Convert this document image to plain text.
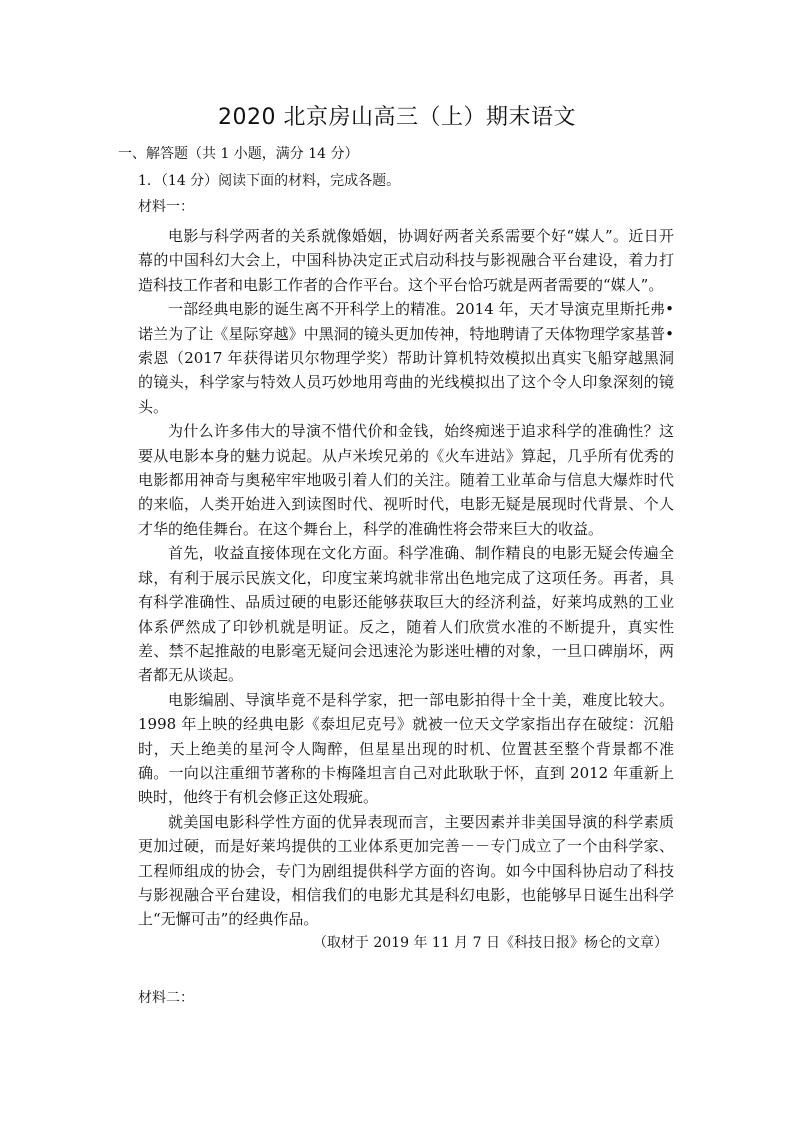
2020 北京房山高三（上）期末语文
一、解答题（共 1 小题，满分 14 分）
1．（14 分）阅读下面的材料，完成各题。
材料一：

电影与科学两者的关系就像婚姻，协调好两者关系需要个好“媒人”。近日开幕的中国科幻大会上，中国科协决定正式启动科技与影视融合平台建设，着力打造科技工作者和电影工作者的合作平台。这个平台恰巧就是两者需要的“媒人”。

一部经典电影的诞生离不开科学上的精准。2014 年，天才导演克里斯托弗•诺兰为了让《星际穿越》中黑洞的镜头更加传神，特地聘请了天体物理学家基普•索恩（2017 年获得诺贝尔物理学奖）帮助计算机特效模拟出真实飞船穿越黑洞的镜头，科学家与特效人员巧妙地用弯曲的光线模拟出了这个令人印象深刻的镜头。

为什么许多伟大的导演不惜代价和金钱，始终痴迷于追求科学的准确性？这要从电影本身的魅力说起。从卢米埃兄弟的《火车进站》算起，几乎所有优秀的电影都用神奇与奥秘牢牢地吸引着人们的关注。随着工业革命与信息大爆炸时代的来临，人类开始进入到读图时代、视听时代，电影无疑是展现时代背景、个人才华的绝佳舞台。在这个舞台上，科学的准确性将会带来巨大的收益。

首先，收益直接体现在文化方面。科学准确、制作精良的电影无疑会传遍全球，有利于展示民族文化，印度宝莱坞就非常出色地完成了这项任务。再者，具有科学准确性、品质过硬的电影还能够获取巨大的经济利益，好莱坞成熟的工业体系俨然成了印钞机就是明证。反之，随着人们欣赏水准的不断提升，真实性差、禁不起推敲的电影毫无疑问会迅速沦为影迷吐槽的对象，一旦口碑崩坏，两者都无从谈起。

电影编剧、导演毕竟不是科学家，把一部电影拍得十全十美，难度比较大。1998 年上映的经典电影《泰坦尼克号》就被一位天文学家指出存在破绽：沉船时，天上绝美的星河令人陶醉，但星星出现的时机、位置甚至整个背景都不准确。一向以注重细节著称的卡梅隆坦言自己对此耿耿于怀，直到 2012 年重新上映时，他终于有机会修正这处瑕疵。

就美国电影科学性方面的优异表现而言，主要因素并非美国导演的科学素质更加过硬，而是好莱坞提供的工业体系更加完善－－专门成立了一个由科学家、工程师组成的协会，专门为剧组提供科学方面的咨询。如今中国科协启动了科技与影视融合平台建设，相信我们的电影尤其是科幻电影，也能够早日诞生出科学上“无懈可击”的经典作品。

（取材于 2019 年 11 月 7 日《科技日报》杨仑的文章）
材料二：
